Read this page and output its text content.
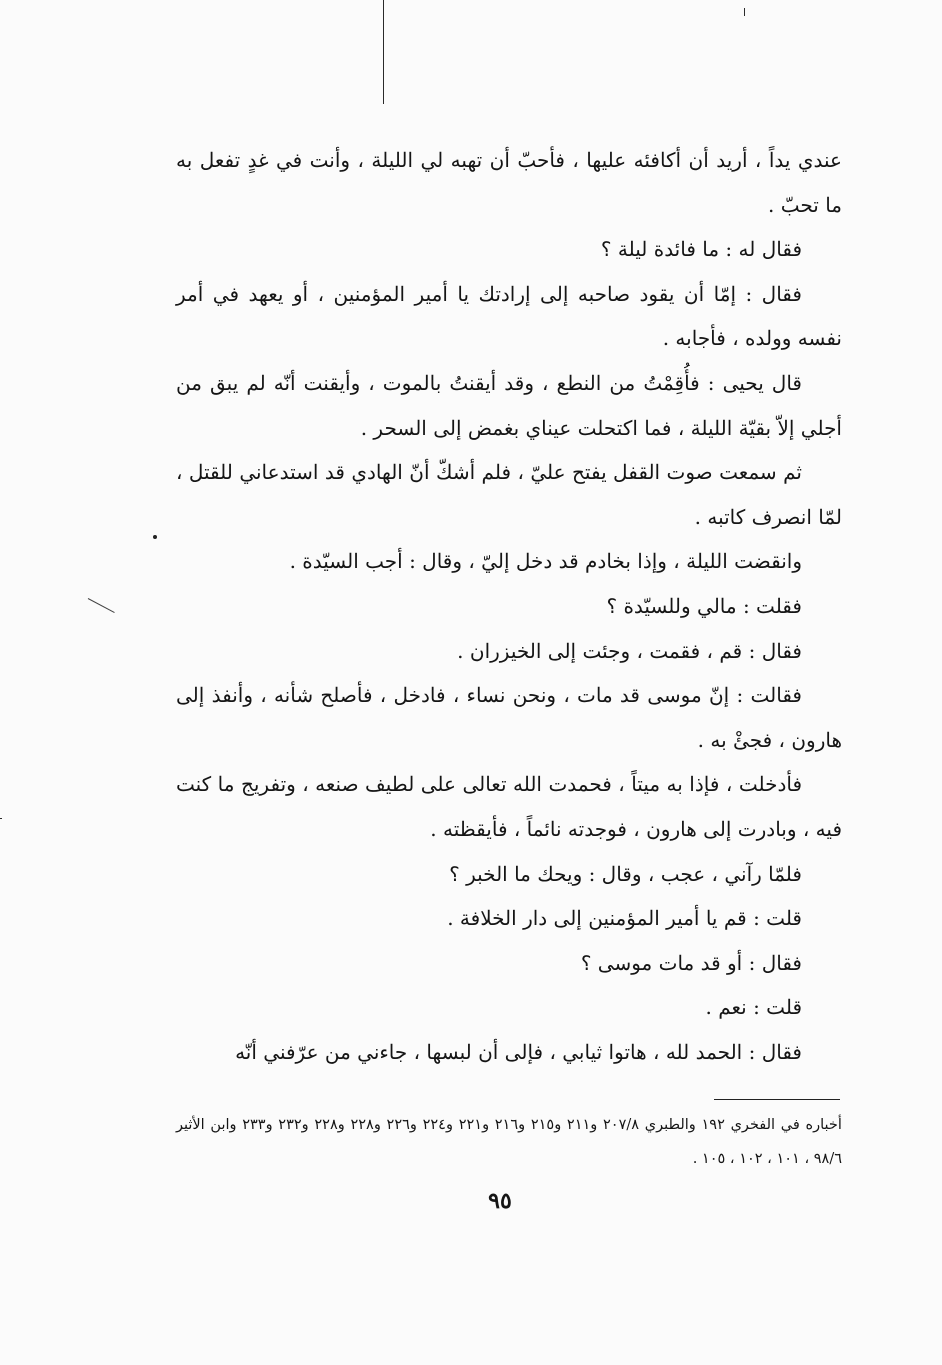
عندي يداً ، أريد أن أكافئه عليها ، فأحبّ أن تهبه لي الليلة ، وأنت في غدٍ تفعل به ما تحبّ .

فقال له : ما فائدة ليلة ؟

فقال : إمّا أن يقود صاحبه إلى إرادتك يا أمير المؤمنين ، أو يعهد في أمر نفسه وولده ، فأجابه .

قال يحيى : فأُقِمْتُ من النطع ، وقد أيقنتُ بالموت ، وأيقنت أنّه لم يبق من أجلي إلاّ بقيّة الليلة ، فما اكتحلت عيناي بغمض إلى السحر .

ثم سمعت صوت القفل يفتح عليّ ، فلم أشكّ أنّ الهادي قد استدعاني للقتل ، لمّا انصرف كاتبه .

وانقضت الليلة ، وإذا بخادم قد دخل إليّ ، وقال : أجب السيّدة .

فقلت : مالي وللسيّدة ؟

فقال : قم ، فقمت ، وجئت إلى الخيزران .

فقالت : إنّ موسى قد مات ، ونحن نساء ، فادخل ، فأصلح شأنه ، وأنفذ إلى هارون ، فجئْ به .

فأدخلت ، فإذا به ميتاً ، فحمدت الله تعالى على لطيف صنعه ، وتفريج ما كنت فيه ، وبادرت إلى هارون ، فوجدته نائماً ، فأيقظته .

فلمّا رآني ، عجب ، وقال : ويحك ما الخبر ؟

قلت : قم يا أمير المؤمنين إلى دار الخلافة .

فقال : أو قد مات موسى ؟

قلت : نعم .

فقال : الحمد لله ، هاتوا ثيابي ، فإلى أن لبسها ، جاءني من عرّفني أنّه

أخباره في الفخري ١٩٢ والطبري ٢٠٧/٨ و٢١١ و٢١٥ و٢١٦ و٢٢١ و٢٢٤ و٢٢٦ و٢٢٨ و٢٢٨ و٢٣٢ و٢٣٣ وابن الأثير ٩٨/٦ ، ١٠١ ، ١٠٢ ، ١٠٥ .
٩٥
